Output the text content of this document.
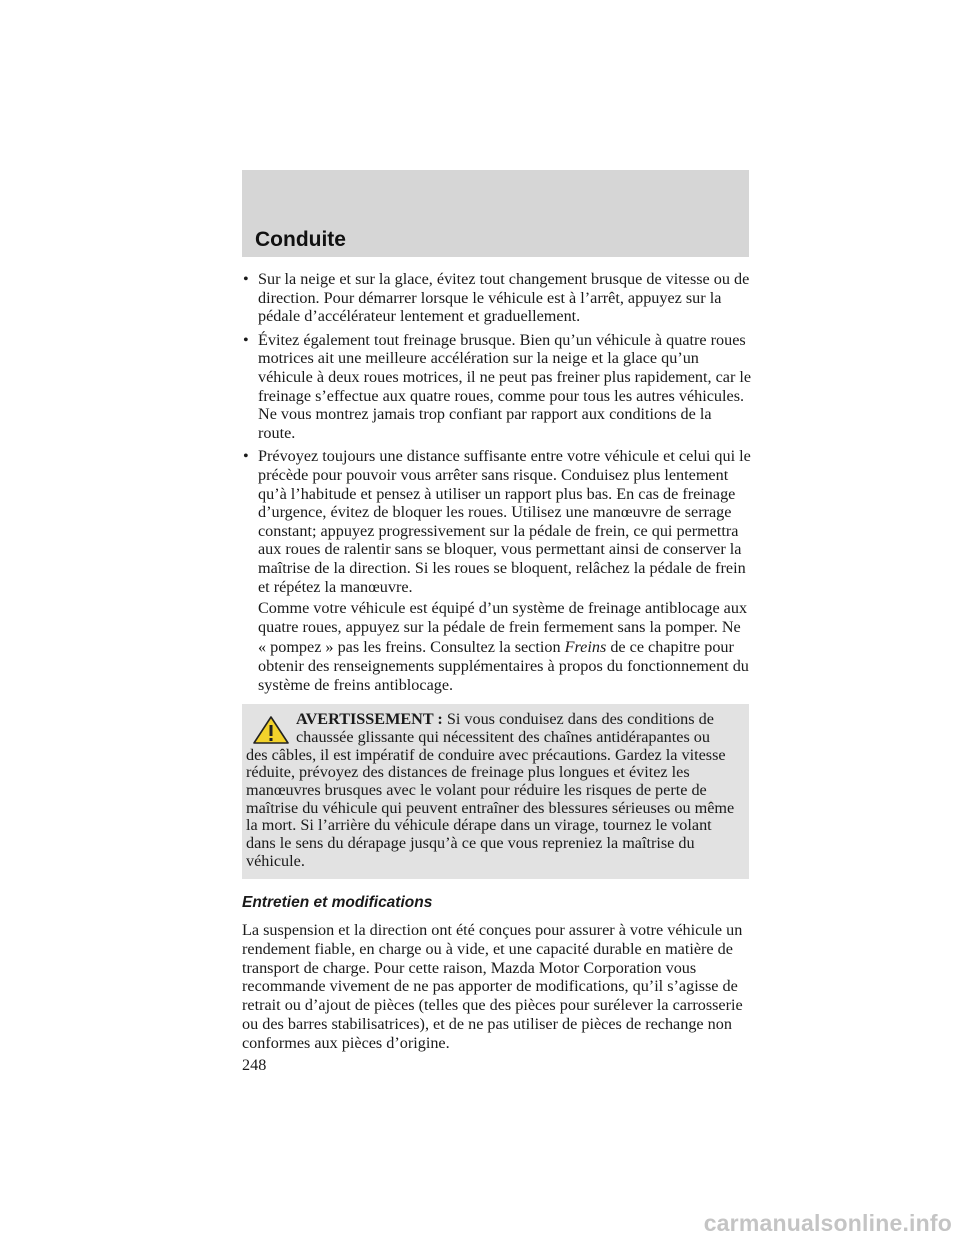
Conduite
• Sur la neige et sur la glace, évitez tout changement brusque de vitesse ou de direction. Pour démarrer lorsque le véhicule est à l’arrêt, appuyez sur la pédale d’accélérateur lentement et graduellement.

• Évitez également tout freinage brusque. Bien qu’un véhicule à quatre roues motrices ait une meilleure accélération sur la neige et la glace qu’un véhicule à deux roues motrices, il ne peut pas freiner plus rapidement, car le freinage s’effectue aux quatre roues, comme pour tous les autres véhicules. Ne vous montrez jamais trop confiant par rapport aux conditions de la route.

• Prévoyez toujours une distance suffisante entre votre véhicule et celui qui le précède pour pouvoir vous arrêter sans risque. Conduisez plus lentement qu’à l’habitude et pensez à utiliser un rapport plus bas. En cas de freinage d’urgence, évitez de bloquer les roues. Utilisez une manœuvre de serrage constant; appuyez progressivement sur la pédale de frein, ce qui permettra aux roues de ralentir sans se bloquer, vous permettant ainsi de conserver la maîtrise de la direction. Si les roues se bloquent, relâchez la pédale de frein et répétez la manœuvre.

Comme votre véhicule est équipé d’un système de freinage antiblocage aux quatre roues, appuyez sur la pédale de frein fermement sans la pomper. Ne « pompez » pas les freins. Consultez la section Freins de ce chapitre pour obtenir des renseignements supplémentaires à propos du fonctionnement du système de freins antiblocage.

AVERTISSEMENT : Si vous conduisez dans des conditions de chaussée glissante qui nécessitent des chaînes antidérapantes ou
des câbles, il est impératif de conduire avec précautions. Gardez la vitesse réduite, prévoyez des distances de freinage plus longues et évitez les manœuvres brusques avec le volant pour réduire les risques de perte de maîtrise du véhicule qui peuvent entraîner des blessures sérieuses ou même la mort. Si l’arrière du véhicule dérape dans un virage, tournez le volant dans le sens du dérapage jusqu’à ce que vous repreniez la maîtrise du véhicule.
Entretien et modifications

La suspension et la direction ont été conçues pour assurer à votre véhicule un rendement fiable, en charge ou à vide, et une capacité durable en matière de transport de charge. Pour cette raison, Mazda Motor Corporation vous recommande vivement de ne pas apporter de modifications, qu’il s’agisse de retrait ou d’ajout de pièces (telles que des pièces pour surélever la carrosserie ou des barres stabilisatrices), et de ne pas utiliser de pièces de rechange non conformes aux pièces d’origine.

248

carmanualsonline.info
